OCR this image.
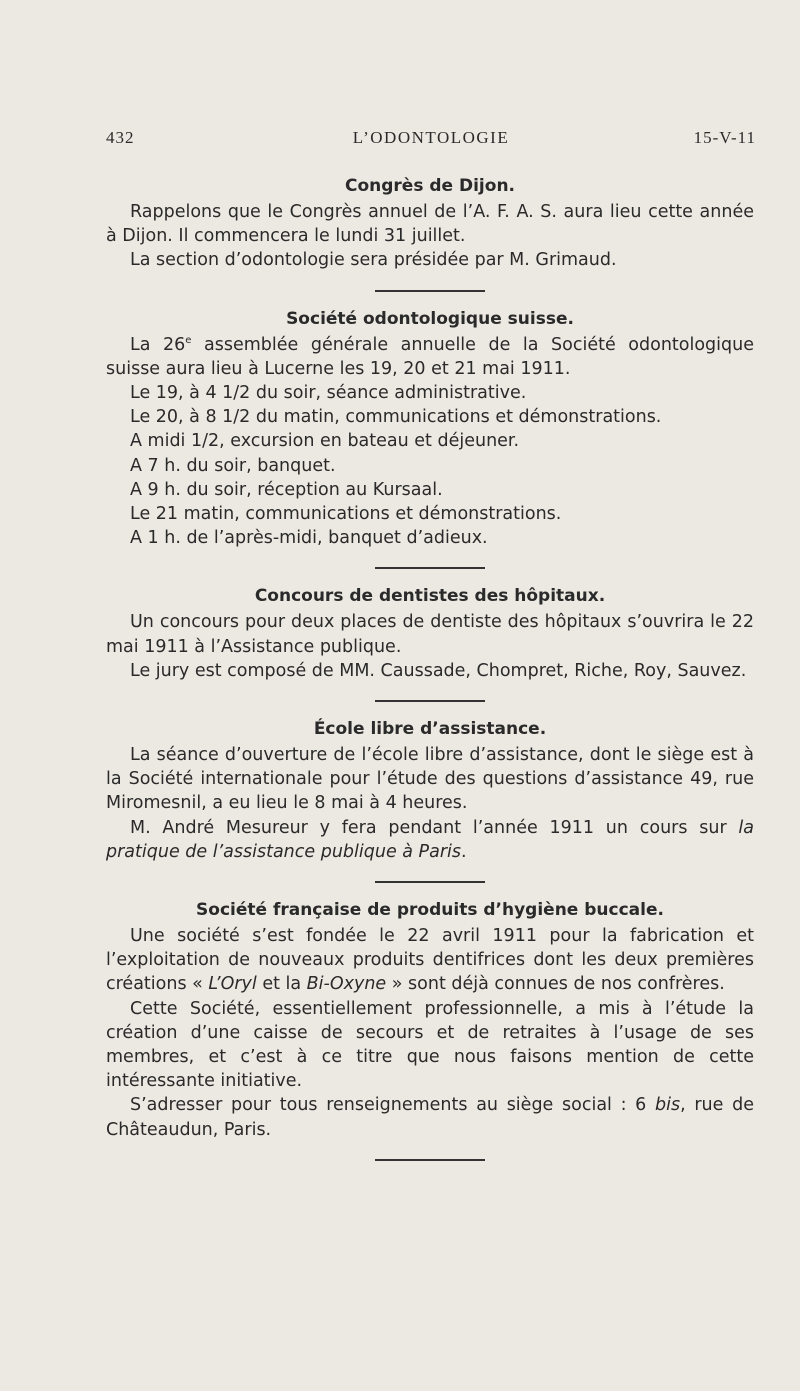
432	L’ODONTOLOGIE	15-V-11
Congrès de Dijon.

Rappelons que le Congrès annuel de l’A. F. A. S. aura lieu cette année à Dijon. Il commencera le lundi 31 juillet.

La section d’odontologie sera présidée par M. Grimaud.

Société odontologique suisse.

La 26e assemblée générale annuelle de la Société odontologique suisse aura lieu à Lucerne les 19, 20 et 21 mai 1911.

Le 19, à 4 1/2 du soir, séance administrative.

Le 20, à 8 1/2 du matin, communications et démonstrations.

A midi 1/2, excursion en bateau et déjeuner.

A 7 h. du soir, banquet.

A 9 h. du soir, réception au Kursaal.

Le 21 matin, communications et démonstrations.

A 1 h. de l’après-midi, banquet d’adieux.

Concours de dentistes des hôpitaux.

Un concours pour deux places de dentiste des hôpitaux s’ouvrira le 22 mai 1911 à l’Assistance publique.

Le jury est composé de MM. Caussade, Chompret, Riche, Roy, Sauvez.

École libre d’assistance.

La séance d’ouverture de l’école libre d’assistance, dont le siège est à la Société internationale pour l’étude des questions d’assistance 49, rue Miromesnil, a eu lieu le 8 mai à 4 heures.

M. André Mesureur y fera pendant l’année 1911 un cours sur la pratique de l’assistance publique à Paris.

Société française de produits d’hygiène buccale.

Une société s’est fondée le 22 avril 1911 pour la fabrication et l’exploitation de nouveaux produits dentifrices dont les deux premières créations « L’Oryl et la Bi-Oxyne » sont déjà connues de nos confrères.

Cette Société, essentiellement professionnelle, a mis à l’étude la création d’une caisse de secours et de retraites à l’usage de ses membres, et c’est à ce titre que nous faisons mention de cette intéressante initiative.

S’adresser pour tous renseignements au siège social : 6 bis, rue de Châteaudun, Paris.
